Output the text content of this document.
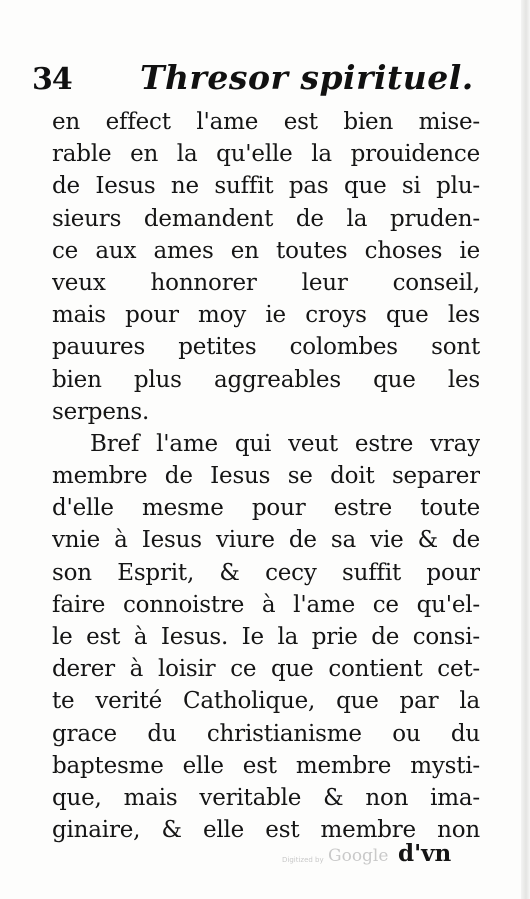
34 Thresor spirituel.
en effect l'ame est bien mise-
rable en la qu'elle la prouidence
de Iesus ne suffit pas que si plu-
sieurs demandent de la pruden-
ce aux ames en toutes choses ie
veux honnorer leur conseil,
mais pour moy ie croys que les
pauures petites colombes sont
bien plus aggreables que les
serpens.
Bref l'ame qui veut estre vray
membre de Iesus se doit separer
d'elle mesme pour estre toute
vnie à Iesus viure de sa vie & de
son Esprit, & cecy suffit pour
faire connoistre à l'ame ce qu'el-
le est à Iesus. Ie la prie de consi-
derer à loisir ce que contient cet-
te verité Catholique, que par la
grace du christianisme ou du
baptesme elle est membre mysti-
que, mais veritable & non ima-
ginaire, & elle est membre non
Digitized by Google d'vn
